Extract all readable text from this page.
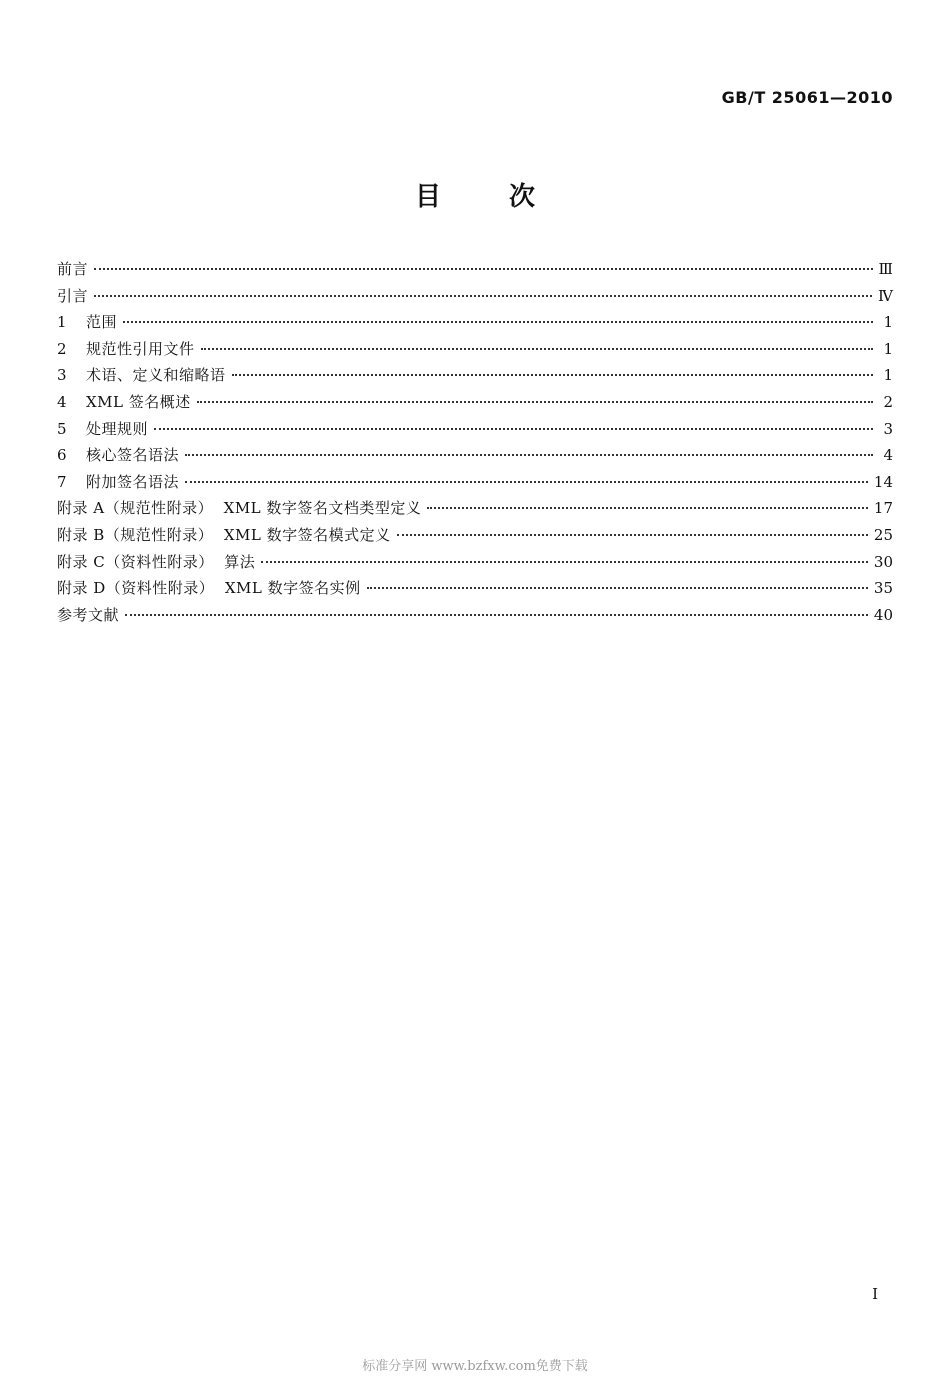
GB/T 25061—2010
目	次
前言	Ⅲ
引言	Ⅳ
1	范围	1
2	规范性引用文件	1
3	术语、定义和缩略语	1
4	XML 签名概述	2
5	处理规则	3
6	核心签名语法	4
7	附加签名语法	14
附录 A（规范性附录）  XML 数字签名文档类型定义	17
附录 B（规范性附录）  XML 数字签名模式定义	25
附录 C（资料性附录）  算法	30
附录 D（资料性附录）  XML 数字签名实例	35
参考文献	40
I
标准分享网 www.bzfxw.com免费下载
